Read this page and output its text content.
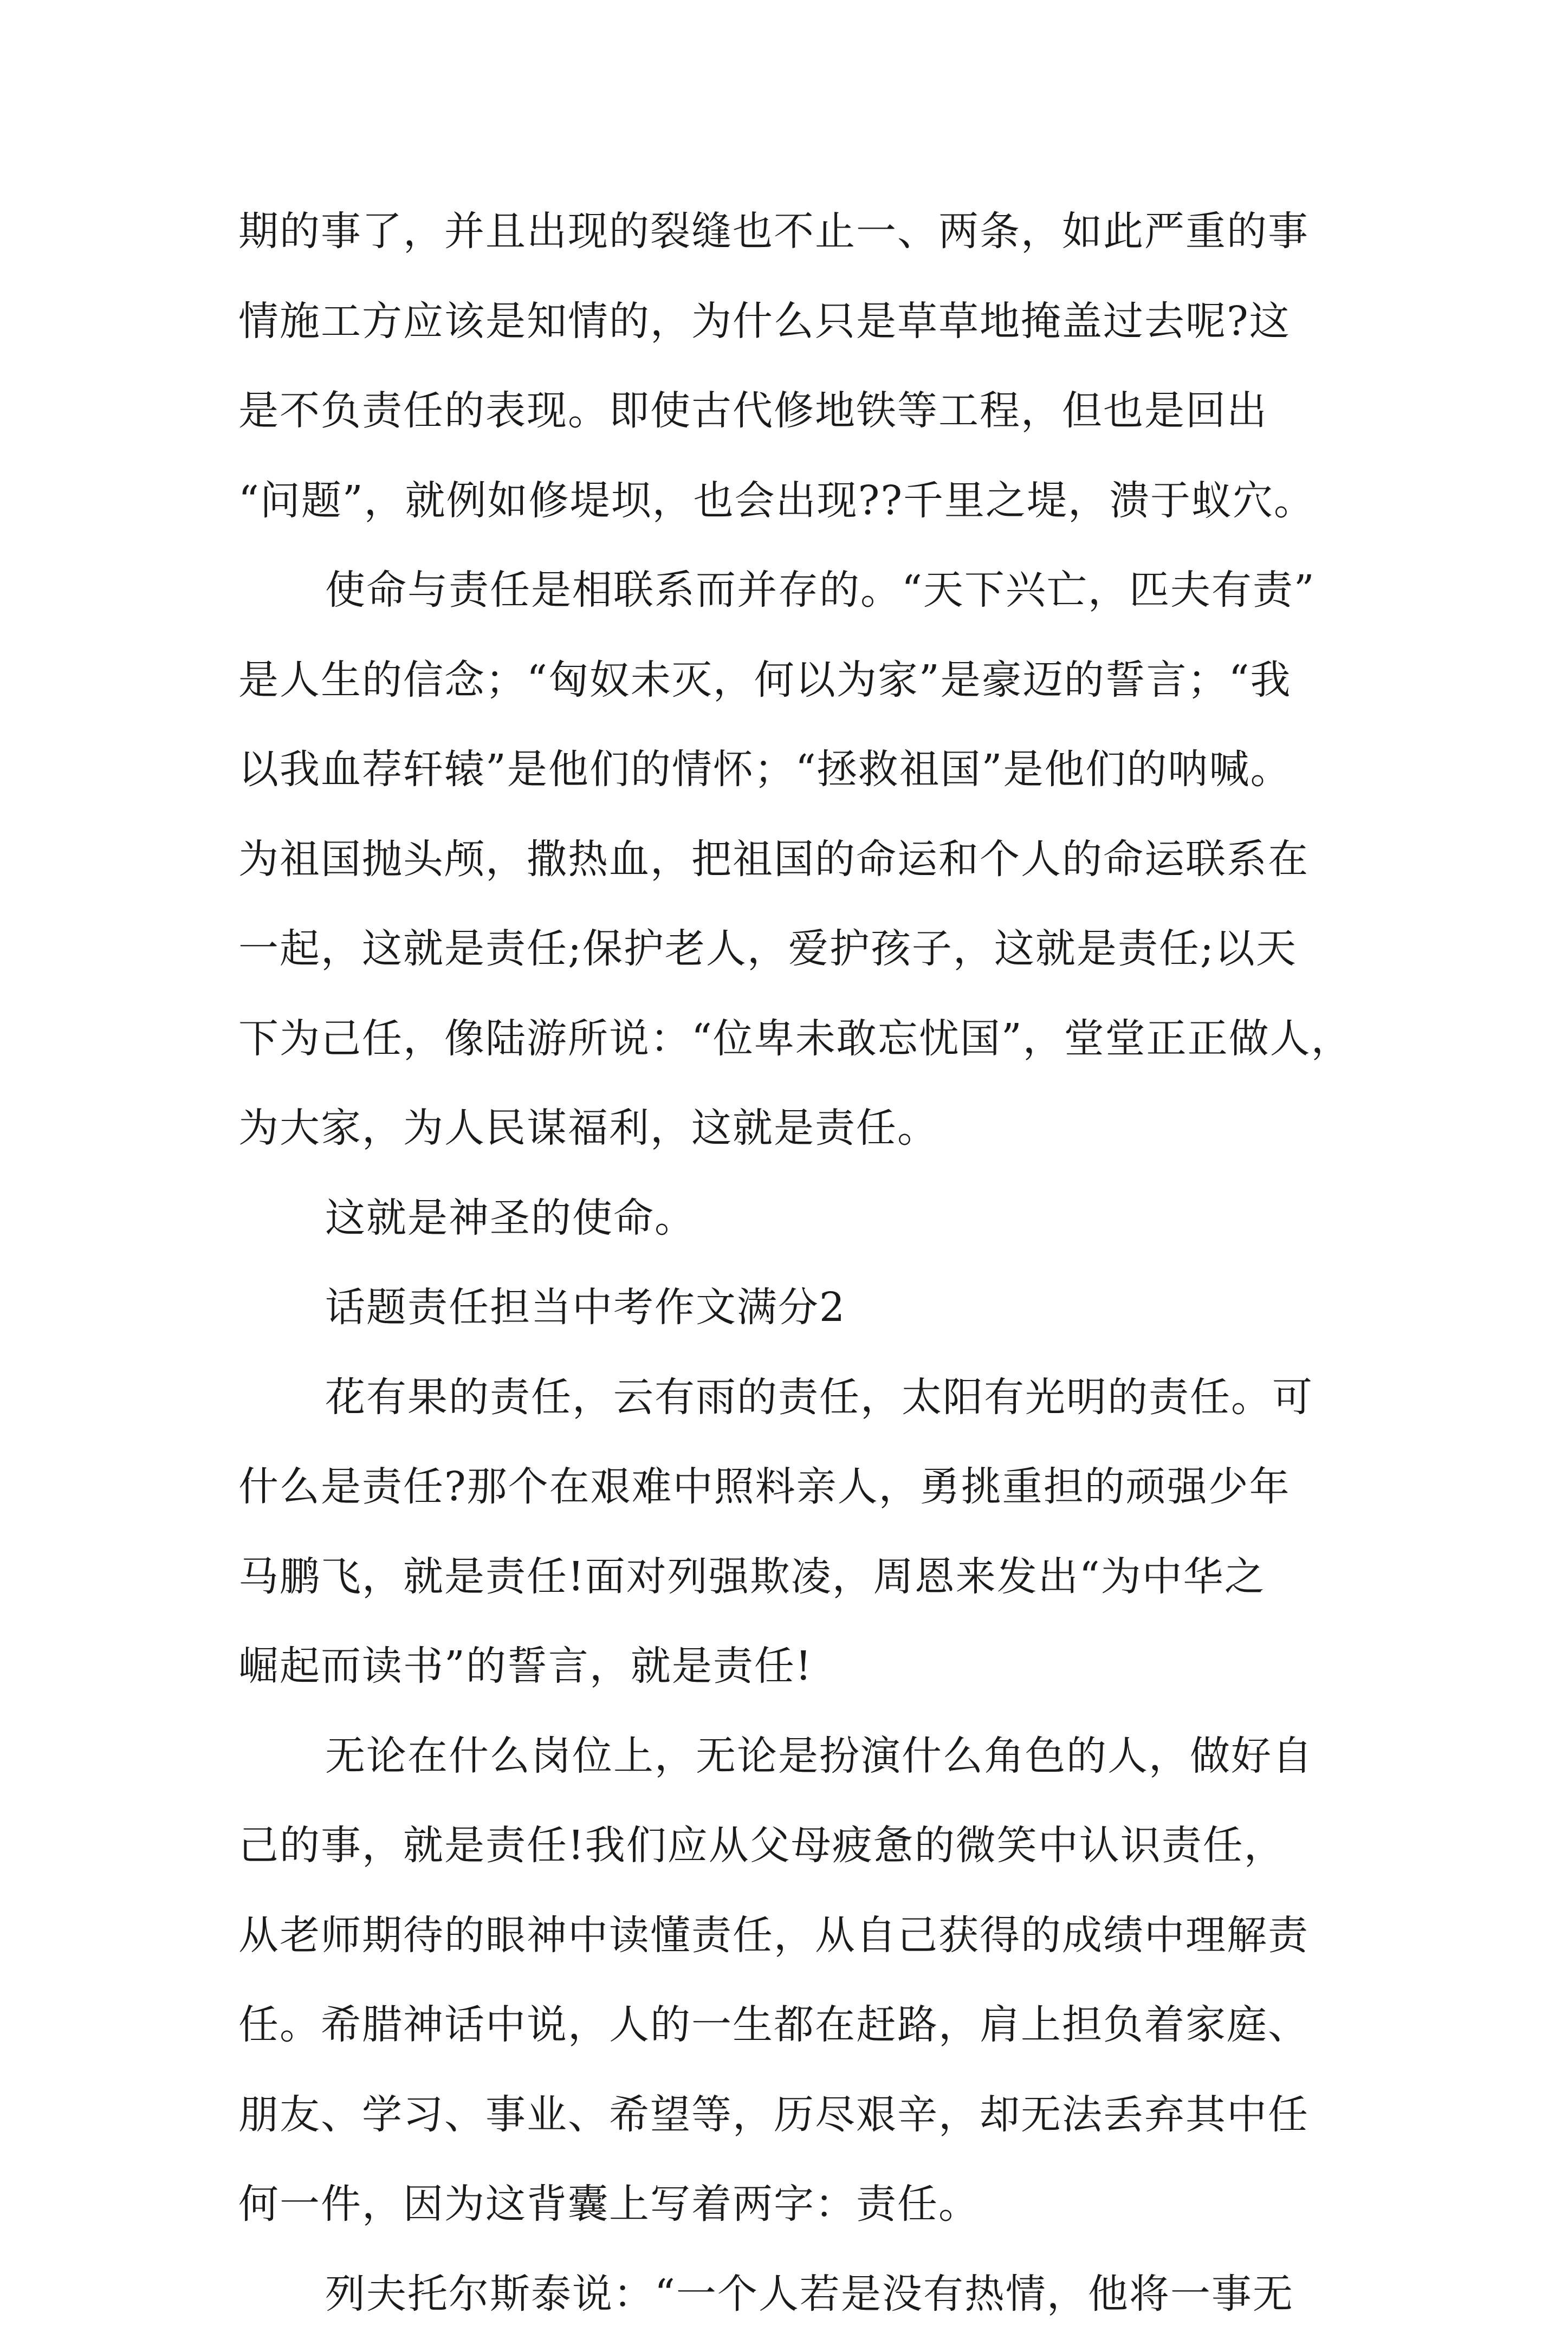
期的事了，并且出现的裂缝也不止一、两条，如此严重的事
情施工方应该是知情的，为什么只是草草地掩盖过去呢?这
是不负责任的表现。即使古代修地铁等工程，但也是回出
“问题”，就例如修堤坝，也会出现??千里之堤，溃于蚁穴。
使命与责任是相联系而并存的。“天下兴亡，匹夫有责”
是人生的信念；“匈奴未灭，何以为家”是豪迈的誓言；“我
以我血荐轩辕”是他们的情怀；“拯救祖国”是他们的呐喊。
为祖国抛头颅，撒热血，把祖国的命运和个人的命运联系在
一起，这就是责任;保护老人，爱护孩子，这就是责任;以天
下为己任，像陆游所说：“位卑未敢忘忧国”，堂堂正正做人，
为大家，为人民谋福利，这就是责任。
这就是神圣的使命。
话题责任担当中考作文满分2
花有果的责任，云有雨的责任，太阳有光明的责任。可
什么是责任?那个在艰难中照料亲人，勇挑重担的顽强少年
马鹏飞，就是责任!面对列强欺凌，周恩来发出“为中华之
崛起而读书”的誓言，就是责任!
无论在什么岗位上，无论是扮演什么角色的人，做好自
己的事，就是责任!我们应从父母疲惫的微笑中认识责任，
从老师期待的眼神中读懂责任，从自己获得的成绩中理解责
任。希腊神话中说，人的一生都在赶路，肩上担负着家庭、
朋友、学习、事业、希望等，历尽艰辛，却无法丢弃其中任
何一件，因为这背囊上写着两字：责任。
列夫托尔斯泰说：“一个人若是没有热情，他将一事无
